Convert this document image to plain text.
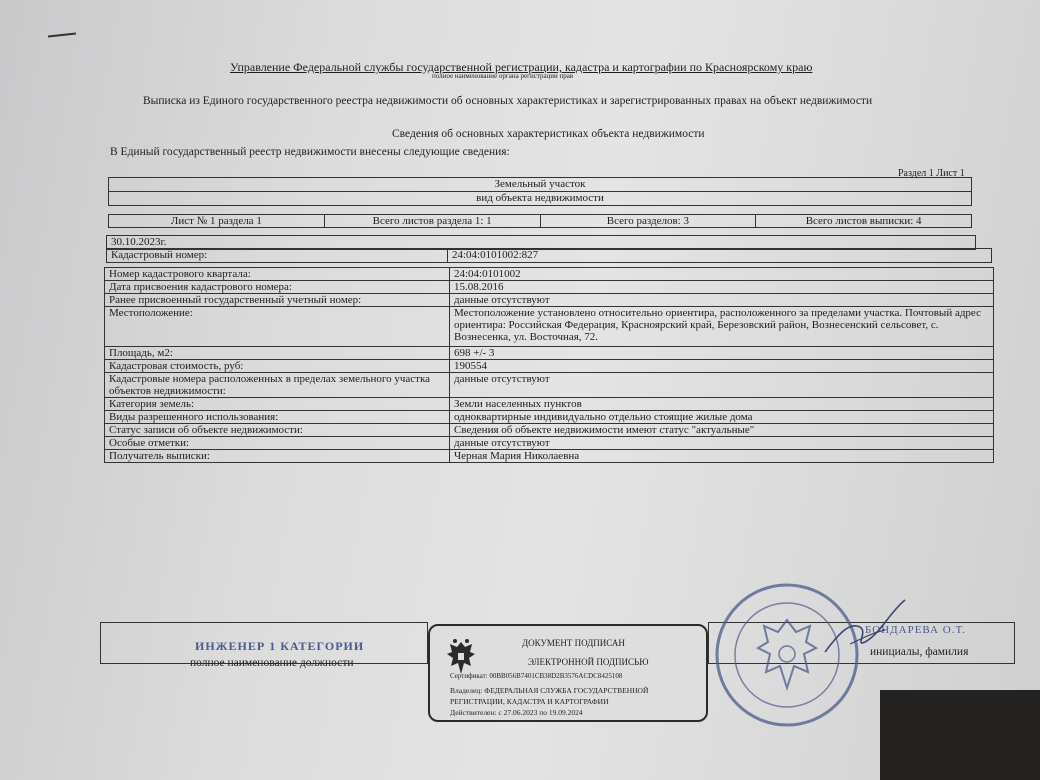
Управление Федеральной службы государственной регистрации, кадастра и картографии по Красноярскому краю
полное наименование органа регистрации прав
Выписка из Единого государственного реестра недвижимости об основных характеристиках и зарегистрированных правах на объект недвижимости
Сведения об основных характеристиках объекта недвижимости
В Единый государственный реестр недвижимости внесены следующие сведения:
Раздел 1 Лист 1
Земельный участок
вид объекта недвижимости
Лист № 1 раздела 1	Всего листов раздела 1: 1	Всего разделов: 3	Всего листов выписки: 4
30.10.2023г.
Кадастровый номер:	24:04:0101002:827
Номер кадастрового квартала:	24:04:0101002
Дата присвоения кадастрового номера:	15.08.2016
Ранее присвоенный государственный учетный номер:	данные отсутствуют
Местоположение:	Местоположение установлено относительно ориентира, расположенного за пределами участка. Почтовый адрес ориентира: Российская Федерация, Красноярский край, Березовский район, Вознесенский сельсовет, с. Вознесенка, ул. Восточная, 72.
Площадь, м2:	698 +/- 3
Кадастровая стоимость, руб:	190554
Кадастровые номера расположенных в пределах земельного участка объектов недвижимости:	данные отсутствуют
Категория земель:	Земли населенных пунктов
Виды разрешенного использования:	одноквартирные индивидуально отдельно стоящие жилые дома
Статус записи об объекте недвижимости:	Сведения об объекте недвижимости имеют статус "актуальные"
Особые отметки:	данные отсутствуют
Получатель выписки:	Черная Мария Николаевна
ИНЖЕНЕР 1 КАТЕГОРИИ
полное наименование должности
БОНДАРЕВА О.Т.
инициалы, фамилия
ДОКУМЕНТ ПОДПИСАН
ЭЛЕКТРОННОЙ ПОДПИСЬЮ
Сертификат: 00BB056B7401CB38D2B3576ACDC8425108
Владелец: ФЕДЕРАЛЬНАЯ СЛУЖБА ГОСУДАРСТВЕННОЙ
РЕГИСТРАЦИИ, КАДАСТРА И КАРТОГРАФИИ
Действителен: с 27.06.2023 по 19.09.2024
